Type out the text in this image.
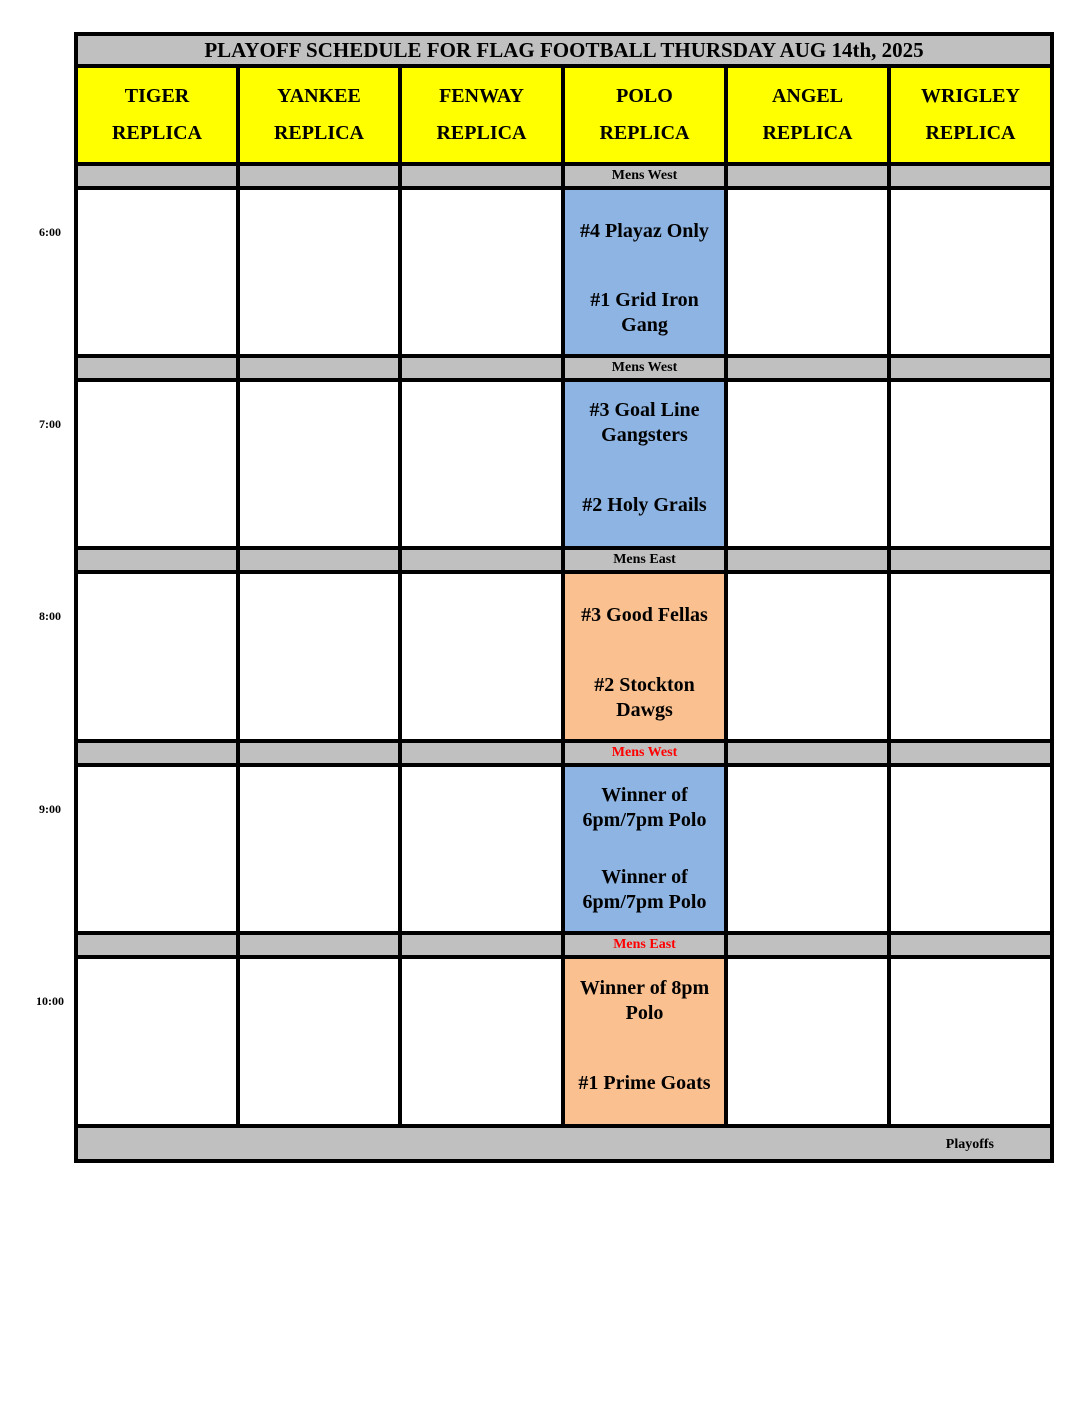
PLAYOFF SCHEDULE FOR FLAG FOOTBALL THURSDAY AUG 14th, 2025
TIGER
REPLICA
YANKEE
REPLICA
FENWAY
REPLICA
POLO
REPLICA
ANGEL
REPLICA
WRIGLEY
REPLICA
Mens West
#4 Playaz Only
#1 Grid Iron Gang
Mens West
#3 Goal Line Gangsters
#2 Holy Grails
Mens East
#3 Good Fellas
#2 Stockton Dawgs
Mens West
Winner of 6pm/7pm Polo
Winner of 6pm/7pm Polo
Mens East
Winner of 8pm Polo
#1 Prime Goats
Playoffs
6:00
7:00
8:00
9:00
10:00
